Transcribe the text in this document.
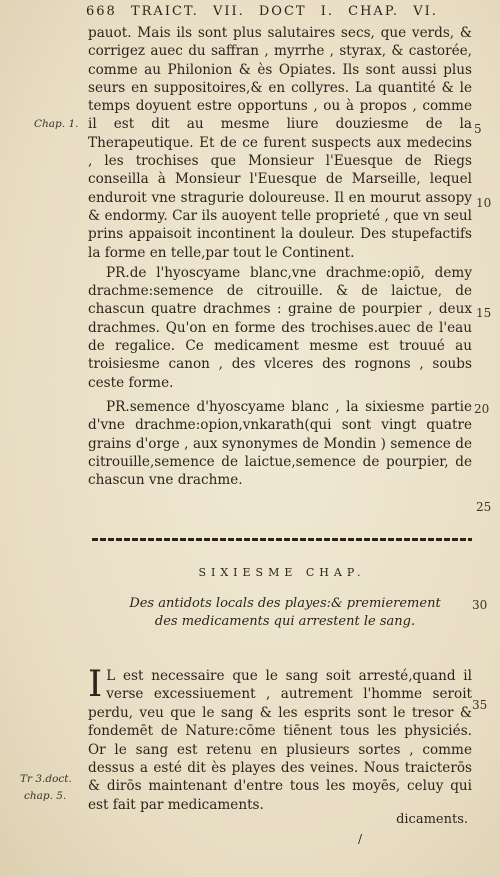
668 TRAICT. VII. DOCT I. CHAP. VI.
Chap. 1.
Tr 3.doct.
chap. 5.
5
10
15
20
25
30
35

pauot. Mais ils sont plus salutaires secs, que verds, & corrigez auec du saffran , myrrhe , styrax, & castorée, comme au Philonion & ès Opiates. Ils sont aussi plus seurs en suppositoires,& en collyres. La quantité & le temps doyuent estre opportuns , ou à propos , comme il est dit au mesme liure douziesme de la Therapeutique. Et de ce furent suspects aux medecins , les trochises que Monsieur l'Euesque de Riegs conseilla à Monsieur l'Euesque de Marseille, lequel enduroit vne stragurie doloureuse. Il en mourut assopy & endormy. Car ils auoyent telle proprieté , que vn seul prins appaisoit incontinent la douleur. Des stupefactifs la forme en telle,par tout le Continent.

PR.de l'hyoscyame blanc,vne drachme:opiō, demy drachme:semence de citrouille. & de laictue, de chascun quatre drachmes : graine de pourpier , deux drachmes. Qu'on en forme des trochises.auec de l'eau de regalice. Ce medicament mesme est trouué au troisiesme canon , des vlceres des rognons , soubs ceste forme.

PR.semence d'hyoscyame blanc , la sixiesme partie d'vne drachme:opion,vnkarath(qui sont vingt quatre grains d'orge , aux synonymes de Mondin ) semence de citrouille,semence de laictue,semence de pourpier, de chascun vne drachme.

SIXIESME CHAP.
Des antidots locals des playes:& premierement des medicaments qui arrestent le sang.
I L est necessaire que le sang soit arresté,quand il verse excessiuement , autrement l'homme seroit perdu, veu que le sang & les esprits sont le tresor & fondemēt de Nature:cōme tiēnent tous les physiciés. Or le sang est retenu en plusieurs sortes , comme dessus a esté dit ès playes des veines. Nous traicterōs & dirōs maintenant d'entre tous les moyēs, celuy qui est fait par medicaments.

dicaments.
/
